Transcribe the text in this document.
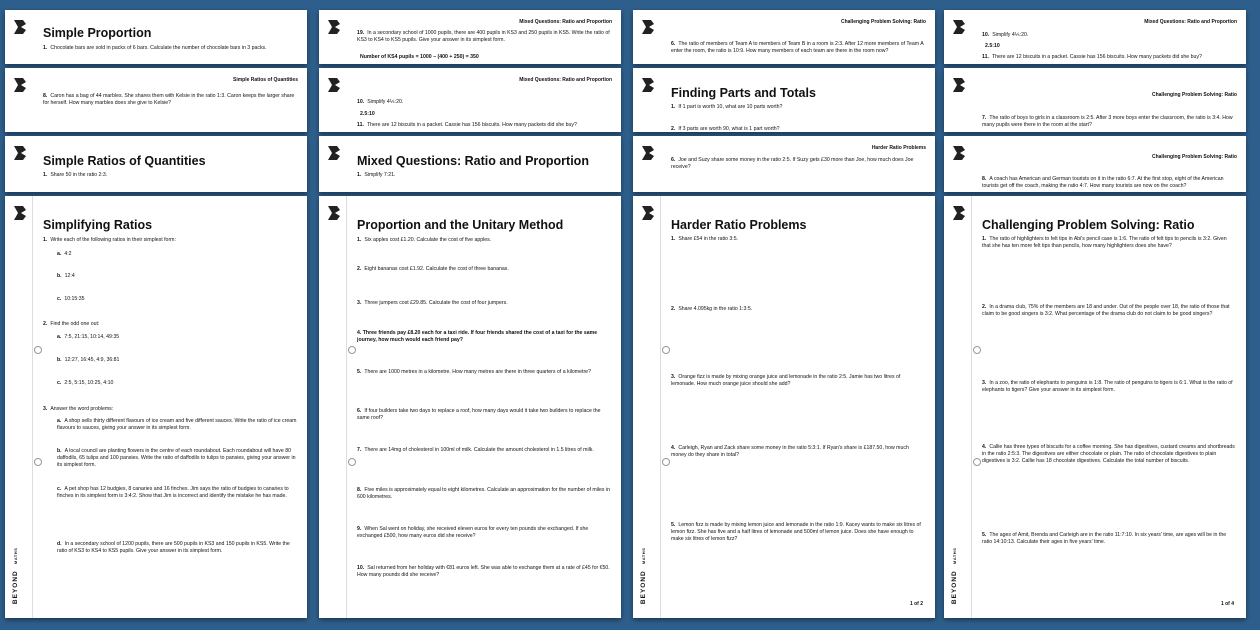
Simple Proportion
1. Chocolate bars are sold in packs of 6 bars. Calculate the number of chocolate bars in 3 packs.
Simple Ratios of Quantities
8. Caron has a bag of 44 marbles. She shares them with Kelsie in the ratio 1:3. Caron keeps the larger share for herself. How many marbles does she give to Kelsie?
Simple Ratios of Quantities
1. Share 50 in the ratio 2:3.
BEYOND MATHS
Simplifying Ratios
1. Write each of the following ratios in their simplest form:
a. 4:2
b. 12:4
c. 10:15:35
2. Find the odd one out:
a. 7:5, 21:15, 10:14, 49:35
b. 12:27, 16:45, 4:9, 36:81
c. 2:5, 5:15, 10:25, 4:10
3. Answer the word problems:
a. A shop sells thirty different flavours of ice cream and five different sauces. Write the ratio of ice cream flavours to sauces, giving your answer in its simplest form.
b. A local council are planting flowers in the centre of each roundabout. Each roundabout will have 80 daffodils, 65 tulips and 100 pansies. Write the ratio of daffodils to tulips to pansies, giving your answer in its simplest form.
c. A pet shop has 12 budgies, 8 canaries and 16 finches. Jim says the ratio of budgies to canaries to finches in its simplest form is 3:4:2. Show that Jim is incorrect and identify the mistake he has made.
d. In a secondary school of 1200 pupils, there are 500 pupils in KS3 and 150 pupils in KS5. Write the ratio of KS3 to KS4 to KS5 pupils. Give your answer in its simplest form.
Mixed Questions: Ratio and Proportion
19. In a secondary school of 1000 pupils, there are 400 pupils in KS3 and 250 pupils in KS5. Write the ratio of KS3 to KS4 to KS5 pupils. Give your answer in its simplest form.
Number of KS4 pupils = 1000 − (400 + 250) = 350
Mixed Questions: Ratio and Proportion
10. Simplify 4⅙:20.
2.5:10
11. There are 12 biscuits in a packet. Cassie has 156 biscuits. How many packets did she buy?
Mixed Questions: Ratio and Proportion
1. Simplify 7:21.
Proportion and the Unitary Method
1. Six apples cost £1.20. Calculate the cost of five apples.
2. Eight bananas cost £1.92. Calculate the cost of three bananas.
3. Three jumpers cost £29.85. Calculate the cost of four jumpers.
4. Three friends pay £8.20 each for a taxi ride. If four friends shared the cost of a taxi for the same journey, how much would each friend pay?
5. There are 1000 metres in a kilometre. How many metres are there in three quarters of a kilometre?
6. If four builders take two days to replace a roof, how many days would it take two builders to replace the same roof?
7. There are 14mg of cholesterol in 100ml of milk. Calculate the amount cholesterol in 1.5 litres of milk.
8. Five miles is approximately equal to eight kilometres. Calculate an approximation for the number of miles in 600 kilometres.
9. When Sal went on holiday, she received eleven euros for every ten pounds she exchanged. If she exchanged £500, how many euros did she receive?
10. Sal returned from her holiday with €81 euros left. She was able to exchange them at a rate of £45 for €50. How many pounds did she receive?
Challenging Problem Solving: Ratio
6. The ratio of members of Team A to members of Team B in a room is 2:3. After 12 more members of Team A enter the room, the ratio is 10:9. How many members of each team are there in the room now?
Finding Parts and Totals
1. If 1 part is worth 10, what are 10 parts worth?
2. If 3 parts are worth 90, what is 1 part worth?
Harder Ratio Problems
6. Joe and Suzy share some money in the ratio 2:5. If Suzy gets £30 more than Joe, how much does Joe receive?
BEYOND MATHS
Harder Ratio Problems
1. Share £54 in the ratio 3:5.
2. Share 4.095kg in the ratio 1:3:5.
3. Orange fizz is made by mixing orange juice and lemonade in the ratio 2:5. Jamie has two litres of lemonade. How much orange juice should she add?
4. Carleigh, Ryan and Zack share some money in the ratio 5:3:1. If Ryan's share is £187.50, how much money do they share in total?
5. Lemon fizz is made by mixing lemon juice and lemonade in the ratio 1:9. Kacey wants to make six litres of lemon fizz. She has five and a half litres of lemonade and 500ml of lemon juice. Does she have enough to make six litres of lemon fizz?
1 of 2
Mixed Questions: Ratio and Proportion
10. Simplify 4⅙:20.
2.5:10
11. There are 12 biscuits in a packet. Cassie has 156 biscuits. How many packets did she buy?
Challenging Problem Solving: Ratio
7. The ratio of boys to girls in a classroom is 2:5. After 3 more boys enter the classroom, the ratio is 3:4. How many pupils were there in the room at the start?
Challenging Problem Solving: Ratio
8. A coach has American and German tourists on it in the ratio 6:7. At the first stop, eight of the American tourists get off the coach, making the ratio 4:7. How many tourists are now on the coach?
BEYOND MATHS
Challenging Problem Solving: Ratio
1. The ratio of highlighters to felt tips in Abi's pencil case is 1:6. The ratio of felt tips to pencils is 3:2. Given that she has ten more felt tips than pencils, how many highlighters does she have?
2. In a drama club, 75% of the members are 18 and under. Out of the people over 18, the ratio of those that claim to be good singers is 3:2. What percentage of the drama club do not claim to be good singers?
3. In a zoo, the ratio of elephants to penguins is 1:8. The ratio of penguins to tigers is 6:1. What is the ratio of elephants to tigers? Give your answer in its simplest form.
4. Callie has three types of biscuits for a coffee morning. She has digestives, custard creams and shortbreads in the ratio 2:5:3. The digestives are either chocolate or plain. The ratio of chocolate digestives to plain digestives is 3:2. Callie has 18 chocolate digestives. Calculate the total number of biscuits.
5. The ages of Amit, Brenda and Carleigh are in the ratio 11:7:10. In six years' time, are ages will be in the ratio 14:10:13. Calculate their ages in five years' time.
1 of 4
